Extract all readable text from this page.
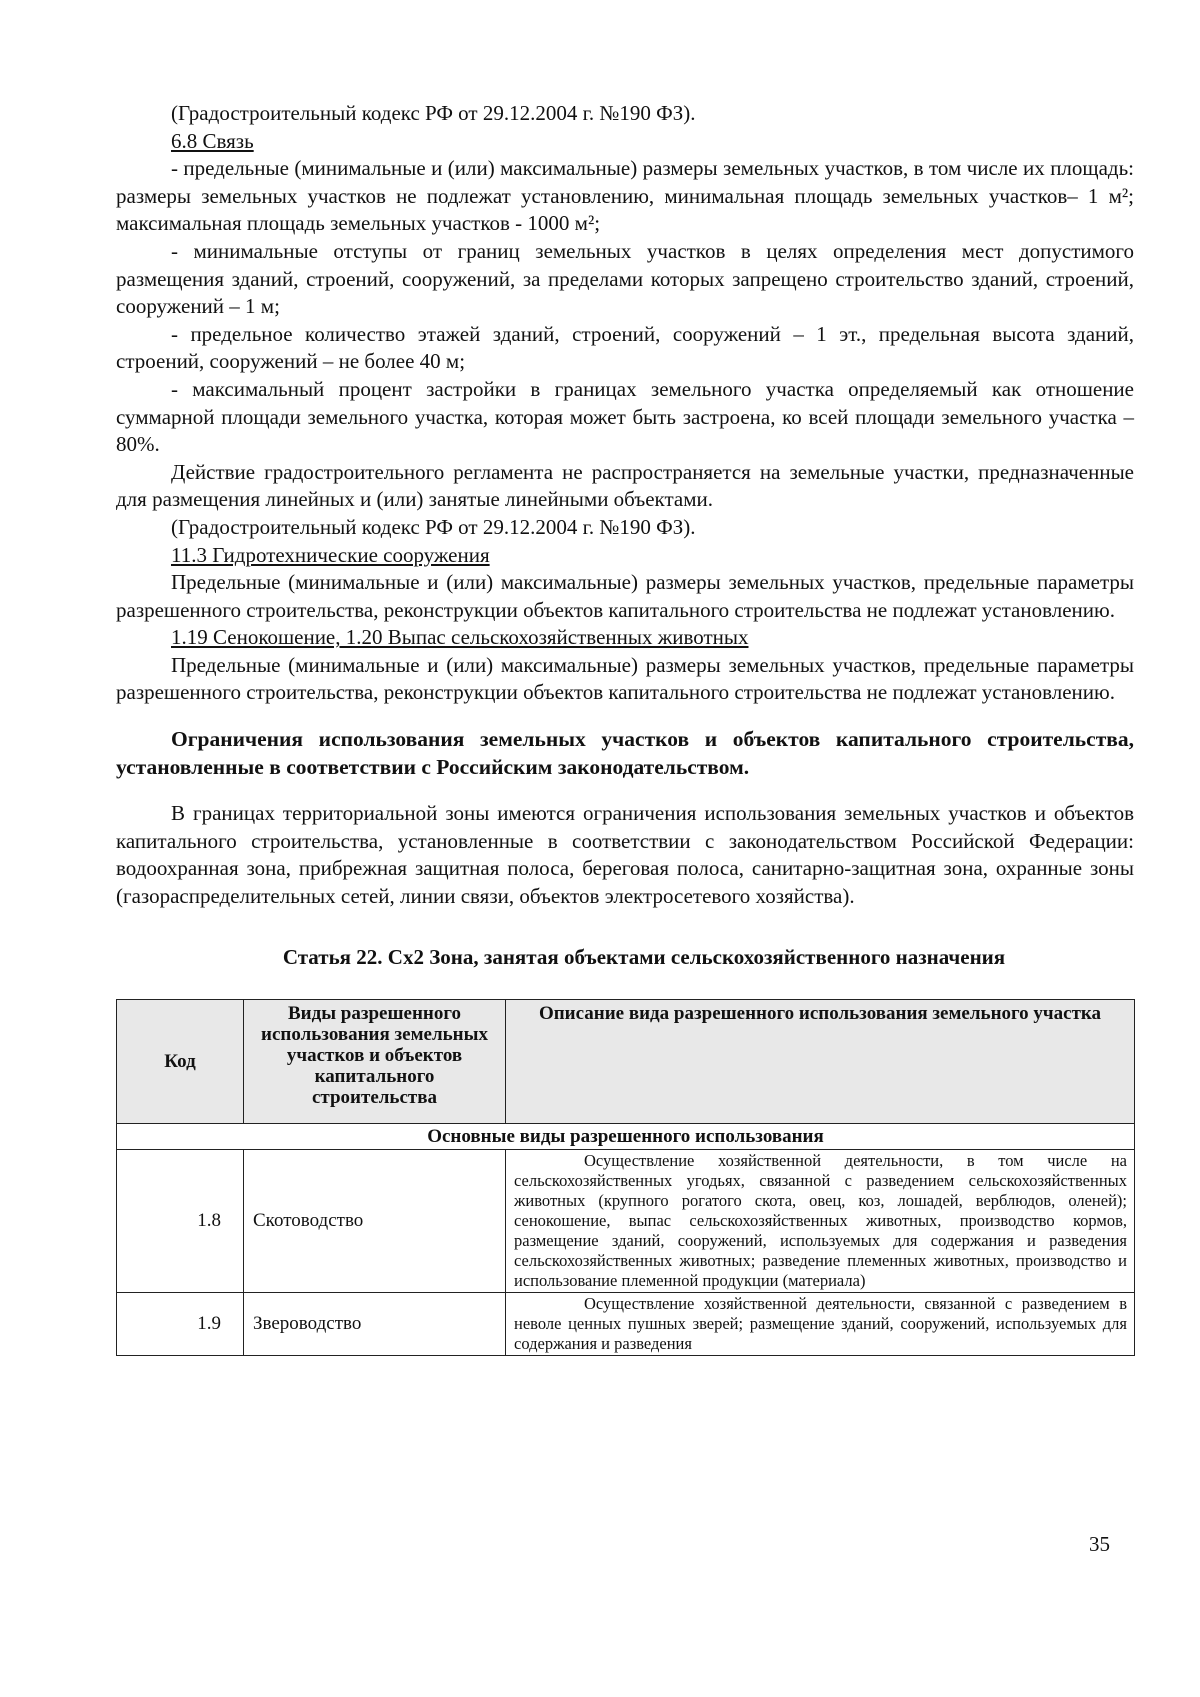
(Градостроительный кодекс РФ от 29.12.2004 г. №190 ФЗ).

6.8 Связь

- предельные (минимальные и (или) максимальные) размеры земельных участков, в том числе их площадь: размеры земельных участков не подлежат установлению, минимальная площадь земельных участков– 1 м²; максимальная площадь земельных участков - 1000 м²;

- минимальные отступы от границ земельных участков в целях определения мест допустимого размещения зданий, строений, сооружений, за пределами которых запрещено строительство зданий, строений, сооружений – 1 м;

- предельное количество этажей зданий, строений, сооружений – 1 эт., предельная высота зданий, строений, сооружений – не более 40 м;

- максимальный процент застройки в границах земельного участка определяемый как отношение суммарной площади земельного участка, которая может быть застроена, ко всей площади земельного участка – 80%.

Действие градостроительного регламента не распространяется на земельные участки, предназначенные для размещения линейных и (или) занятые линейными объектами.

(Градостроительный кодекс РФ от 29.12.2004 г. №190 ФЗ).

11.3 Гидротехнические сооружения

Предельные (минимальные и (или) максимальные) размеры земельных участков, предельные параметры разрешенного строительства, реконструкции объектов капитального строительства не подлежат установлению.

1.19 Сенокошение, 1.20 Выпас сельскохозяйственных животных

Предельные (минимальные и (или) максимальные) размеры земельных участков, предельные параметры разрешенного строительства, реконструкции объектов капитального строительства не подлежат установлению.

Ограничения использования земельных участков и объектов капитального строительства, установленные в соответствии с Российским законодательством.

В границах территориальной зоны имеются ограничения использования земельных участков и объектов капитального строительства, установленные в соответствии с законодательством Российской Федерации: водоохранная зона, прибрежная защитная полоса, береговая полоса, санитарно-защитная зона, охранные зоны (газораспределительных сетей, линии связи, объектов электросетевого хозяйства).

Статья 22. Сх2 Зона, занятая объектами сельскохозяйственного назначения
Код	Виды разрешенного использования земельных участков и объектов капитального строительства	Описание вида разрешенного использования земельного участка
Основные виды разрешенного использования		
1.8	Скотоводство	Осуществление хозяйственной деятельности, в том числе на сельскохозяйственных угодьях, связанной с разведением сельскохозяйственных животных (крупного рогатого скота, овец, коз, лошадей, верблюдов, оленей); сенокошение, выпас сельскохозяйственных животных, производство кормов, размещение зданий, сооружений, используемых для содержания и разведения сельскохозяйственных животных; разведение племенных животных, производство и использование племенной продукции (материала)
1.9	Звероводство	Осуществление хозяйственной деятельности, связанной с разведением в неволе ценных пушных зверей; размещение зданий, сооружений, используемых для содержания и разведения
35
